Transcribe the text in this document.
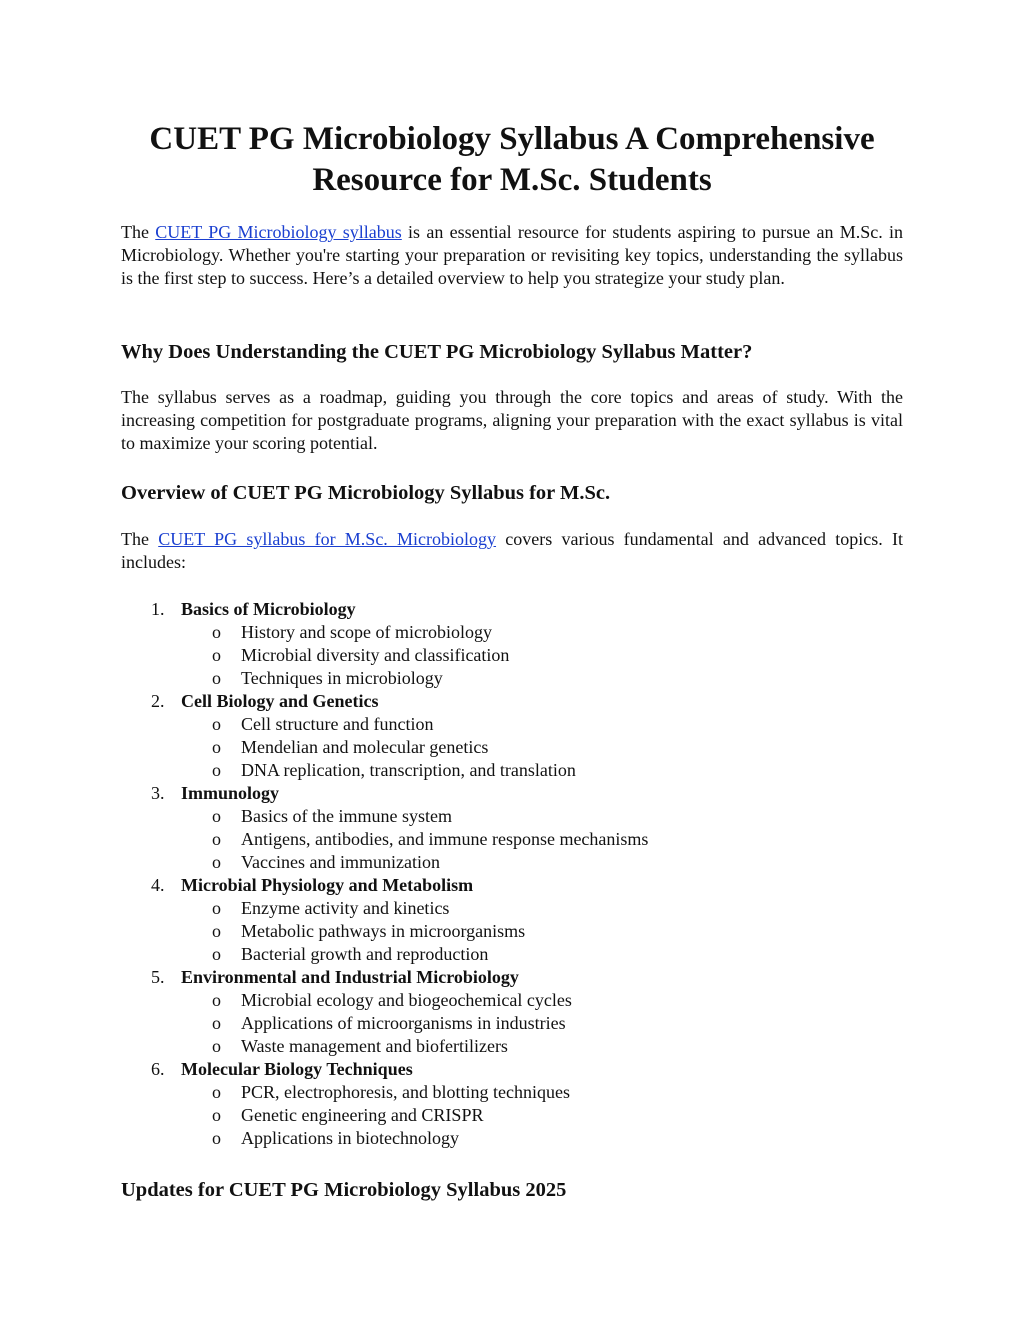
CUET PG Microbiology Syllabus A Comprehensive Resource for M.Sc. Students
The CUET PG Microbiology syllabus is an essential resource for students aspiring to pursue an M.Sc. in Microbiology. Whether you're starting your preparation or revisiting key topics, understanding the syllabus is the first step to success. Here’s a detailed overview to help you strategize your study plan.
Why Does Understanding the CUET PG Microbiology Syllabus Matter?
The syllabus serves as a roadmap, guiding you through the core topics and areas of study. With the increasing competition for postgraduate programs, aligning your preparation with the exact syllabus is vital to maximize your scoring potential.
Overview of CUET PG Microbiology Syllabus for M.Sc.
The CUET PG syllabus for M.Sc. Microbiology covers various fundamental and advanced topics. It includes:
1. Basics of Microbiology
o History and scope of microbiology
o Microbial diversity and classification
o Techniques in microbiology
2. Cell Biology and Genetics
o Cell structure and function
o Mendelian and molecular genetics
o DNA replication, transcription, and translation
3. Immunology
o Basics of the immune system
o Antigens, antibodies, and immune response mechanisms
o Vaccines and immunization
4. Microbial Physiology and Metabolism
o Enzyme activity and kinetics
o Metabolic pathways in microorganisms
o Bacterial growth and reproduction
5. Environmental and Industrial Microbiology
o Microbial ecology and biogeochemical cycles
o Applications of microorganisms in industries
o Waste management and biofertilizers
6. Molecular Biology Techniques
o PCR, electrophoresis, and blotting techniques
o Genetic engineering and CRISPR
o Applications in biotechnology
Updates for CUET PG Microbiology Syllabus 2025
